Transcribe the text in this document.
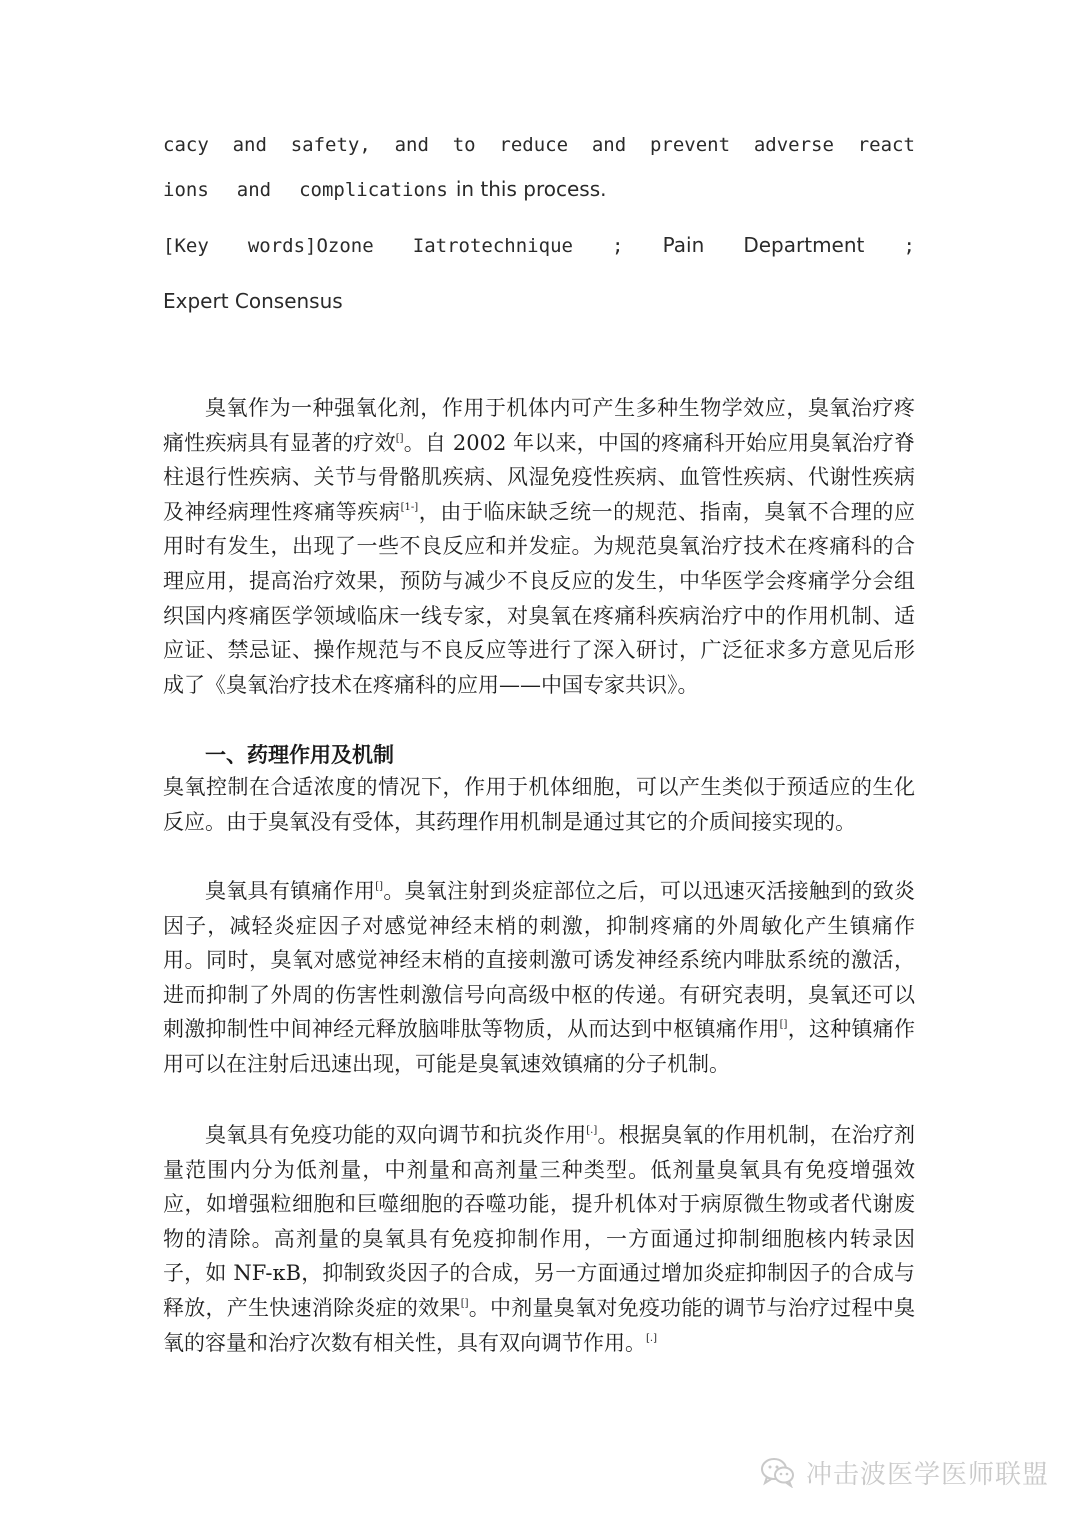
cacy and safety, and to reduce and prevent adverse react
ions and complications in this process.
[Key words]Ozone Iatrotechnique ; Pain Department ;
Expert Consensus

臭氧作为一种强氧化剂，作用于机体内可产生多种生物学效应，臭氧治疗疼痛性疾病具有显著的疗效[]。自 2002 年以来，中国的疼痛科开始应用臭氧治疗脊柱退行性疾病、关节与骨骼肌疾病、风湿免疫性疾病、血管性疾病、代谢性疾病及神经病理性疼痛等疾病[1-]，由于临床缺乏统一的规范、指南，臭氧不合理的应用时有发生，出现了一些不良反应和并发症。为规范臭氧治疗技术在疼痛科的合理应用，提高治疗效果，预防与减少不良反应的发生，中华医学会疼痛学分会组织国内疼痛医学领域临床一线专家，对臭氧在疼痛科疾病治疗中的作用机制、适应证、禁忌证、操作规范与不良反应等进行了深入研讨，广泛征求多方意见后形成了《臭氧治疗技术在疼痛科的应用——中国专家共识》。

一、药理作用及机制

臭氧控制在合适浓度的情况下，作用于机体细胞，可以产生类似于预适应的生化反应。由于臭氧没有受体，其药理作用机制是通过其它的介质间接实现的。

臭氧具有镇痛作用[]。臭氧注射到炎症部位之后，可以迅速灭活接触到的致炎因子，减轻炎症因子对感觉神经末梢的刺激，抑制疼痛的外周敏化产生镇痛作用。同时，臭氧对感觉神经末梢的直接刺激可诱发神经系统内啡肽系统的激活，进而抑制了外周的伤害性刺激信号向高级中枢的传递。有研究表明，臭氧还可以刺激抑制性中间神经元释放脑啡肽等物质，从而达到中枢镇痛作用[]，这种镇痛作用可以在注射后迅速出现，可能是臭氧速效镇痛的分子机制。

臭氧具有免疫功能的双向调节和抗炎作用[.]。根据臭氧的作用机制，在治疗剂量范围内分为低剂量，中剂量和高剂量三种类型。低剂量臭氧具有免疫增强效应，如增强粒细胞和巨噬细胞的吞噬功能，提升机体对于病原微生物或者代谢废物的清除。高剂量的臭氧具有免疫抑制作用，一方面通过抑制细胞核内转录因子，如 NF-κB，抑制致炎因子的合成，另一方面通过增加炎症抑制因子的合成与释放，产生快速消除炎症的效果[]。中剂量臭氧对免疫功能的调节与治疗过程中臭氧的容量和治疗次数有相关性，具有双向调节作用。[.]

冲击波医学医师联盟
